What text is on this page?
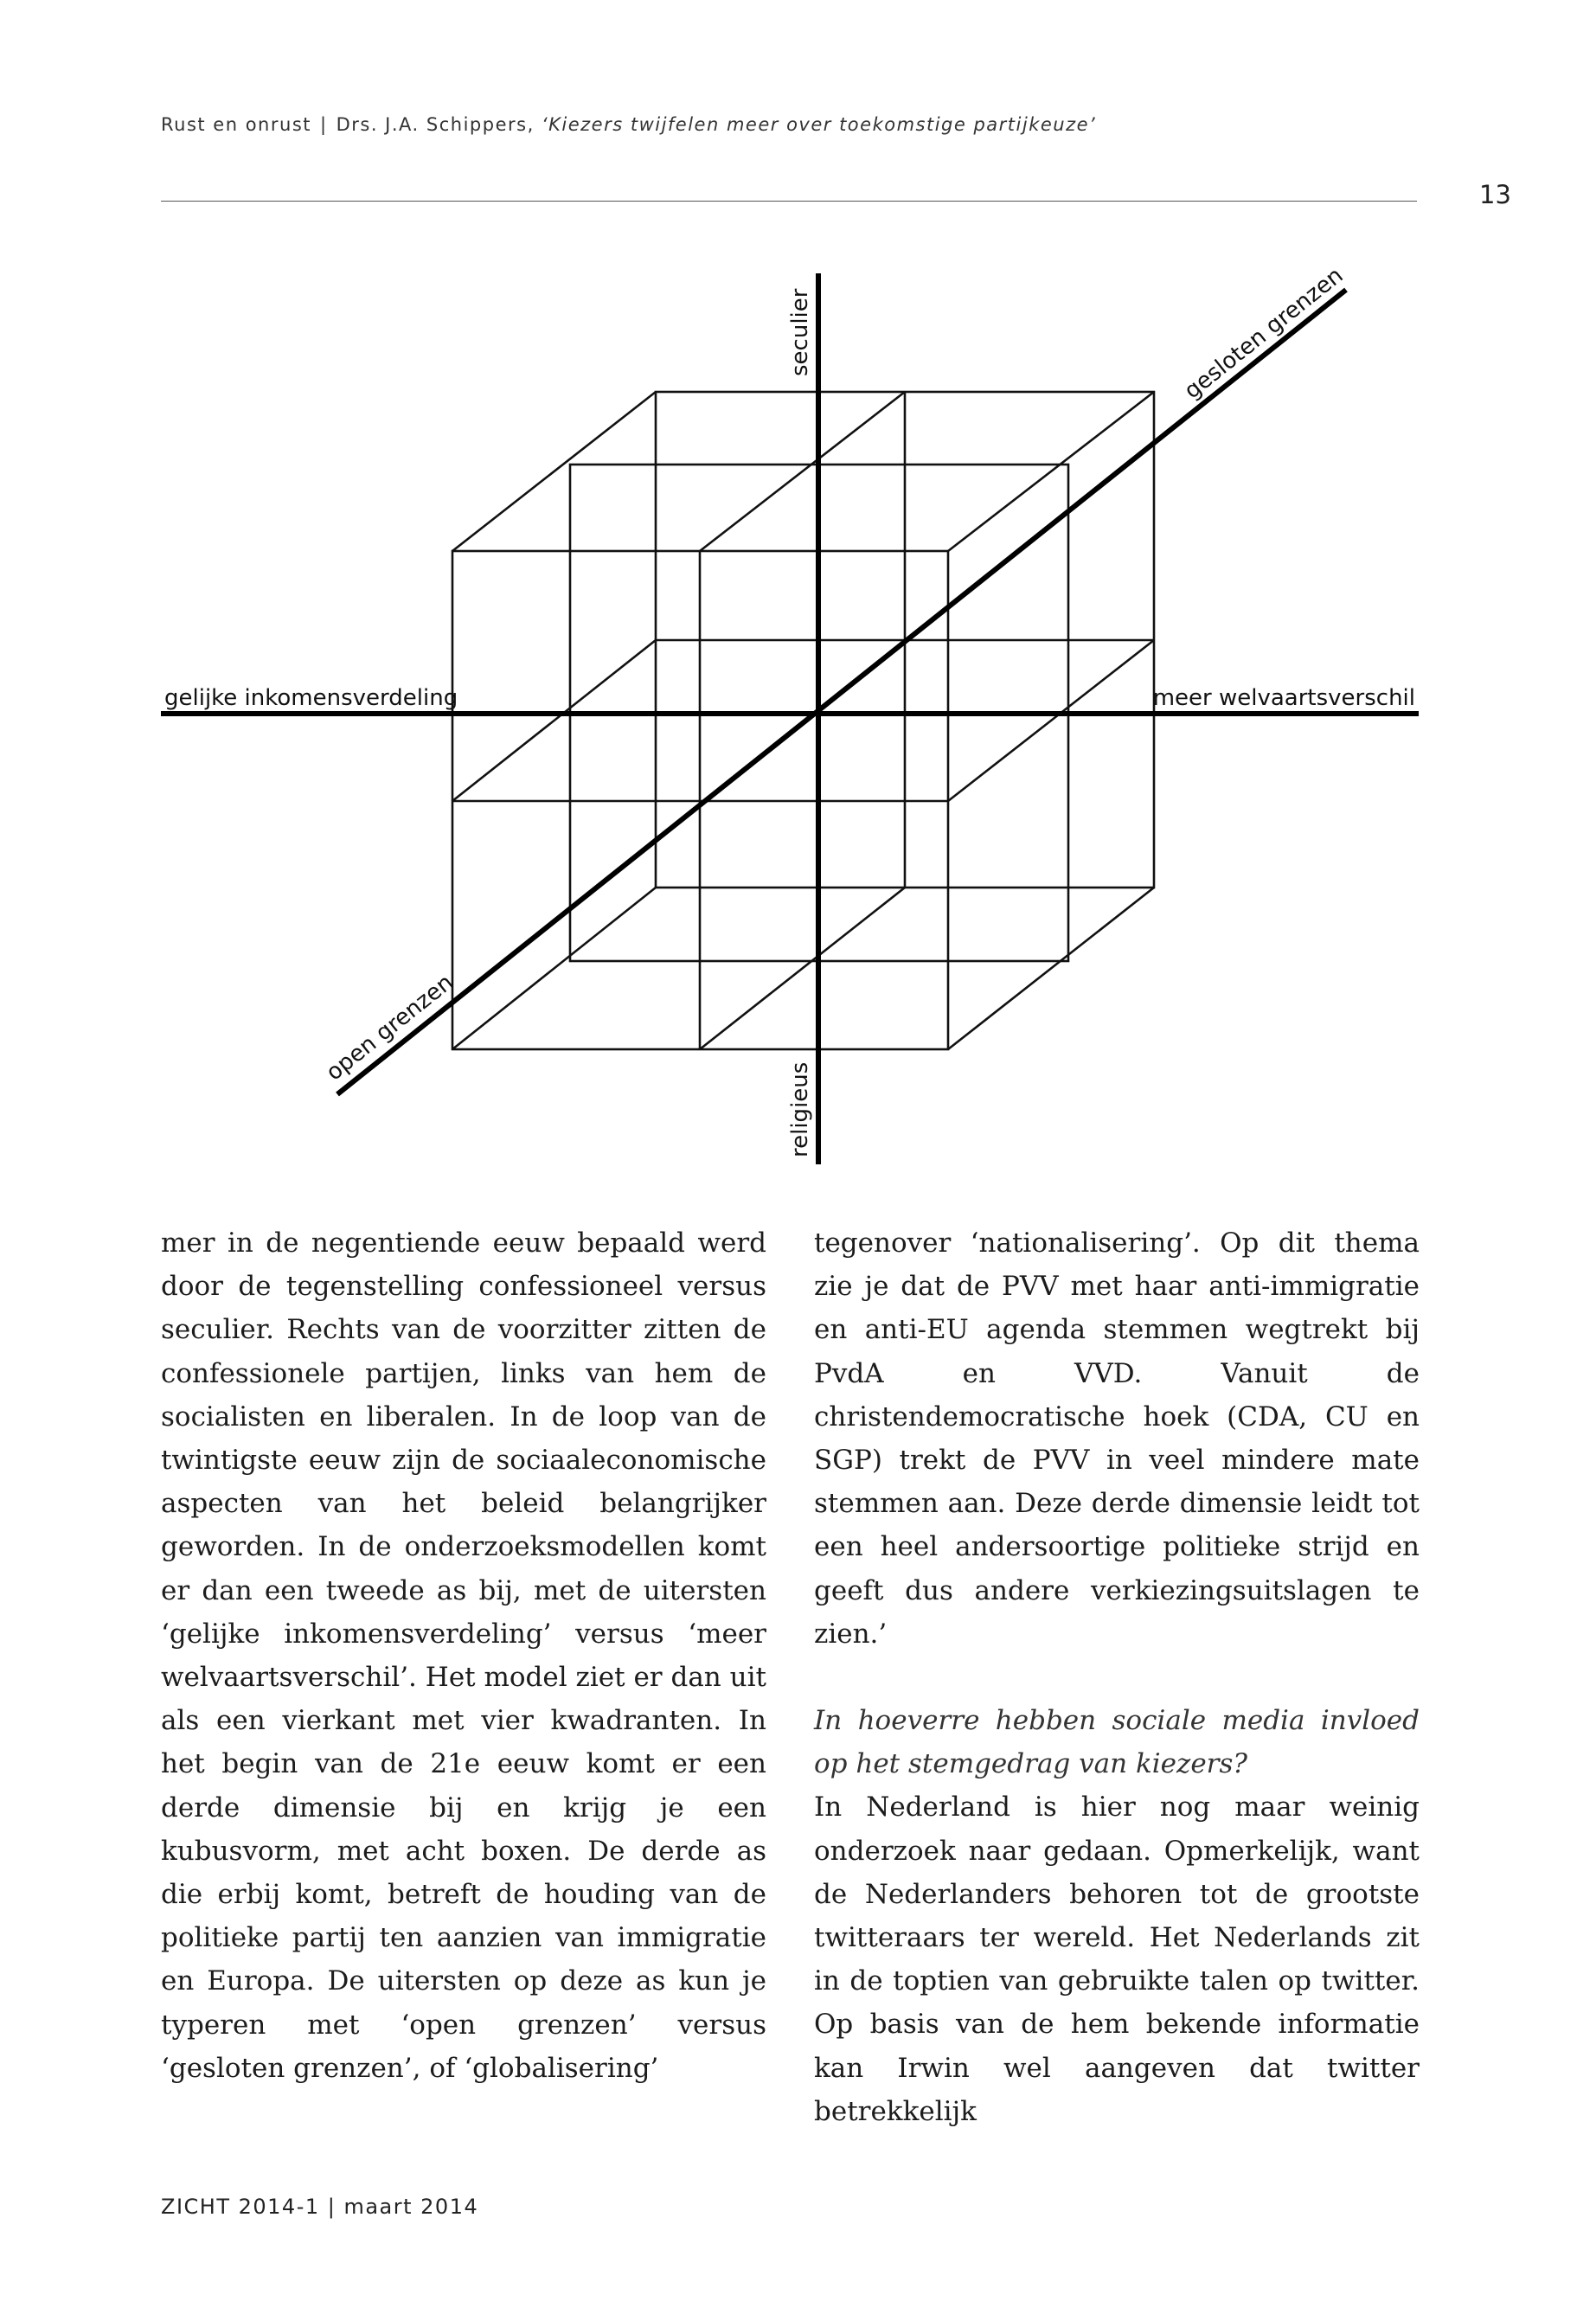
Rust en onrust | Drs. J.A. Schippers, ‘Kiezers twijfelen meer over toekomstige partijkeuze’
13
seculier
religieus
gelijke inkomensverdeling	meer welvaartsverschil
open grenzen
gesloten grenzen

mer in de negentiende eeuw bepaald werd door de tegenstelling confessioneel versus seculier. Rechts van de voorzitter zitten de confessionele partijen, links van hem de socialisten en liberalen. In de loop van de twintigste eeuw zijn de sociaaleconomische aspecten van het beleid belangrijker geworden. In de onderzoeksmodellen komt er dan een tweede as bij, met de uitersten ‘gelijke inkomensverdeling’ versus ‘meer welvaartsverschil’. Het model ziet er dan uit als een vierkant met vier kwadranten. In het begin van de 21e eeuw komt er een derde dimensie bij en krijg je een kubusvorm, met acht boxen. De derde as die erbij komt, betreft de houding van de politieke partij ten aanzien van immigratie en Europa. De uitersten op deze as kun je typeren met ‘open grenzen’ versus ‘gesloten grenzen’, of ‘globalisering’

tegenover ‘nationalisering’. Op dit thema zie je dat de PVV met haar anti-immigratie en anti-EU agenda stemmen wegtrekt bij PvdA en VVD. Vanuit de christendemocratische hoek (CDA, CU en SGP) trekt de PVV in veel mindere mate stemmen aan. Deze derde dimensie leidt tot een heel andersoortige politieke strijd en geeft dus andere verkiezingsuitslagen te zien.’

In hoeverre hebben sociale media invloed op het stemgedrag van kiezers?

In Nederland is hier nog maar weinig onderzoek naar gedaan. Opmerkelijk, want de Nederlanders behoren tot de grootste twitteraars ter wereld. Het Nederlands zit in de toptien van gebruikte talen op twitter. Op basis van de hem bekende informatie kan Irwin wel aangeven dat twitter betrekkelijk

ZICHT 2014-1 | maart 2014
